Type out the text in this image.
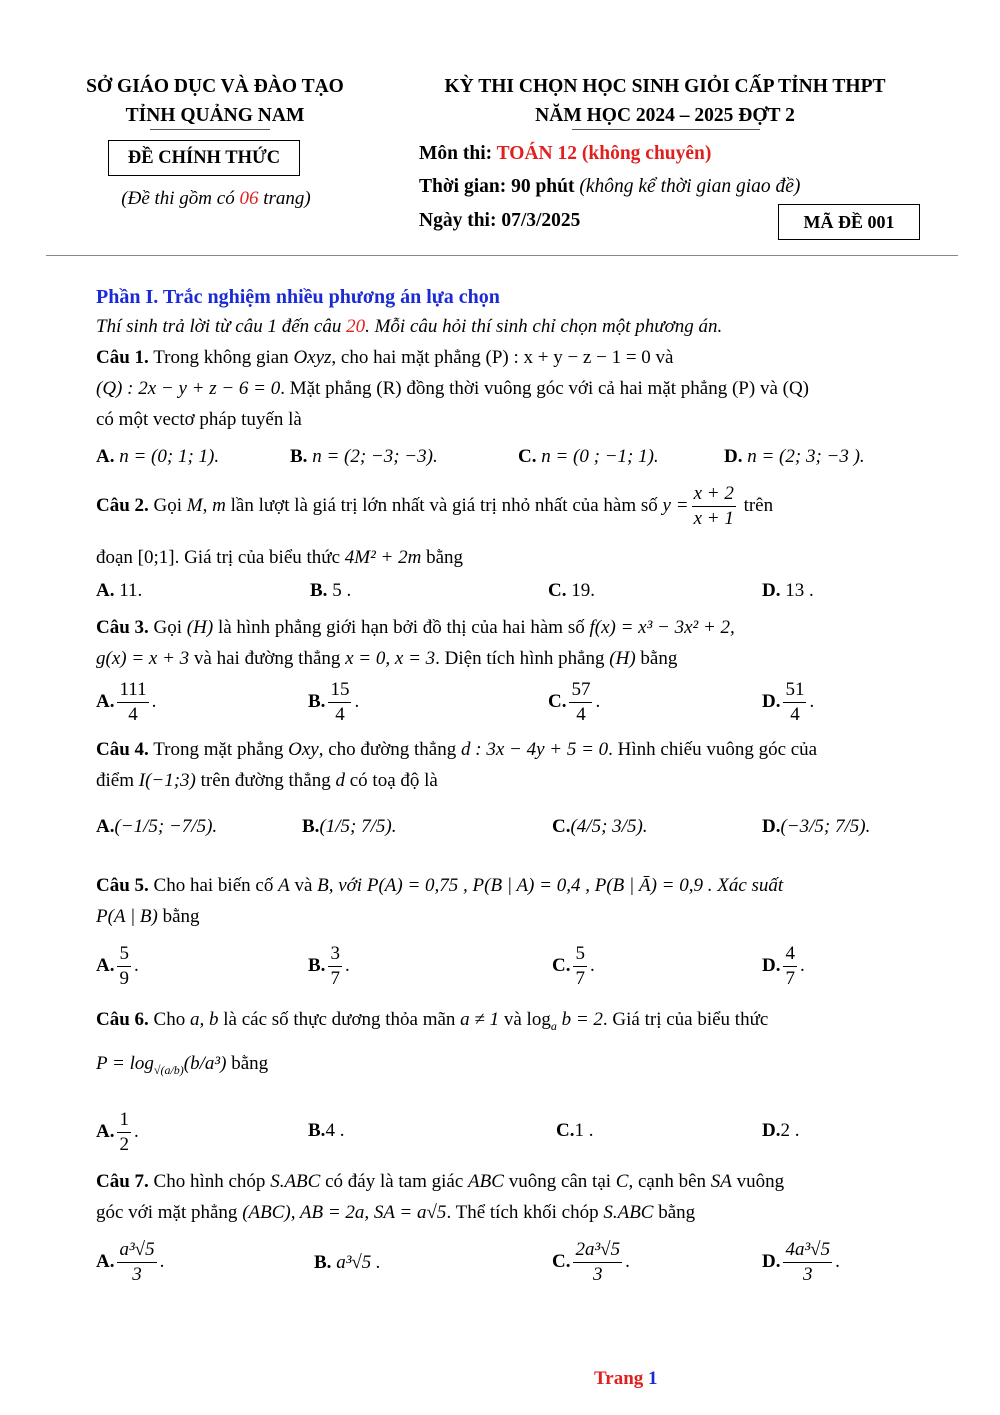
SỞ GIÁO DỤC VÀ ĐÀO TẠO
TỈNH QUẢNG NAM
KỲ THI CHỌN HỌC SINH GIỎI CẤP TỈNH THPT
NĂM HỌC 2024 – 2025 ĐỢT 2
ĐỀ CHÍNH THỨC
(Đề thi gồm có 06 trang)
Môn thi: TOÁN 12 (không chuyên)
Thời gian: 90 phút (không kể thời gian giao đề)
Ngày thi: 07/3/2025	MÃ ĐỀ 001
Phần I. Trắc nghiệm nhiều phương án lựa chọn
Thí sinh trả lời từ câu 1 đến câu 20. Mỗi câu hỏi thí sinh chỉ chọn một phương án.
Câu 1. Trong không gian Oxyz, cho hai mặt phẳng (P) : x + y − z − 1 = 0 và
(Q) : 2x − y + z − 6 = 0. Mặt phẳng (R) đồng thời vuông góc với cả hai mặt phẳng (P) và (Q)
có một vectơ pháp tuyến là
A. n = (0; 1; 1).	B. n = (2; −3; −3).	C. n = (0 ; −1; 1).	D. n = (2; 3; −3 ).
Câu 2. Gọi M, m lần lượt là giá trị lớn nhất và giá trị nhỏ nhất của hàm số $y = \frac{x + 2}{x + 1}$ trên
đoạn [0;1]. Giá trị của biểu thức 4M² + 2m bằng
A. 11.	B. 5 .	C. 19.	D. 13 .
Câu 3. Gọi (H) là hình phẳng giới hạn bởi đồ thị của hai hàm số f(x) = x³ − 3x² + 2,
g(x) = x + 3 và hai đường thẳng x = 0, x = 3. Diện tích hình phẳng (H) bằng
A. $\frac{111}{4}$ .	B. $\frac{15}{4}$ .	C. $\frac{57}{4}$ .	D. $\frac{51}{4}$ .
Câu 4. Trong mặt phẳng Oxy, cho đường thẳng d : 3x − 4y + 5 = 0. Hình chiếu vuông góc của
điểm I(−1;3) trên đường thẳng d có toạ độ là
A.(−1/5; −7/5).	B.(1/5; 7/5).	C.(4/5; 3/5).	D.(−3/5; 7/5).
Câu 5. Cho hai biến cố A và B, với P(A) = 0,75 , P(B | A) = 0,4 , P(B | Ā) = 0,9 . Xác suất
P(A | B) bằng
A. $\frac{5}{9}$ .	B. $\frac{3}{7}$ .	C. $\frac{5}{7}$ .	D. $\frac{4}{7}$ .
Câu 6. Cho a, b là các số thực dương thỏa mãn a ≠ 1 và $\log_a b = 2$. Giá trị của biểu thức
$P = \log_{√(a/b)}(b/a^3)$ bằng
A. $\frac{1}{2}$ .	B.4 .	C.1 .	D.2 .
Câu 7. Cho hình chóp S.ABC có đáy là tam giác ABC vuông cân tại C, cạnh bên SA vuông
góc với mặt phẳng (ABC), AB = 2a, SA = a√5. Thể tích khối chóp S.ABC bằng
A. $\frac{\text{a³√5}}{3}$ .	B. a³√5 .	C. $\frac{\text{2a³√5}}{3}$ .	D. $\frac{\text{4a³√5}}{3}$ .
Trang 1
